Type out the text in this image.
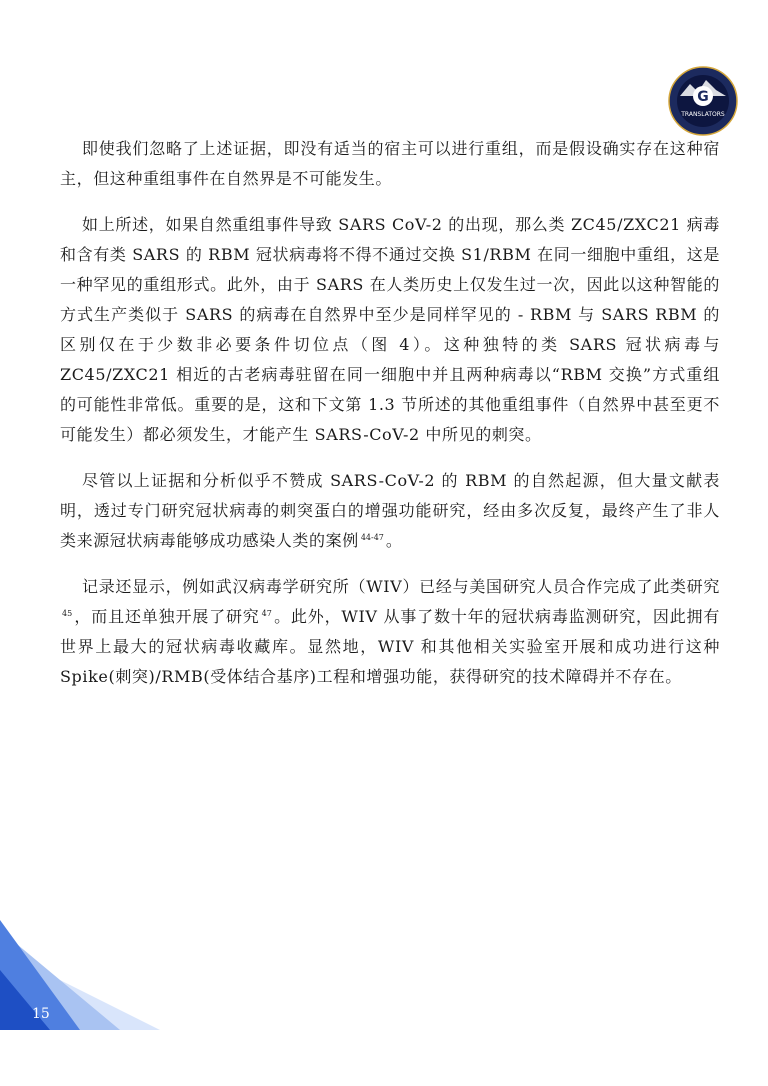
G
TRANSLATORS

即使我们忽略了上述证据，即没有适当的宿主可以进行重组，而是假设确实存在这种宿主，但这种重组事件在自然界是不可能发生。

如上所述，如果自然重组事件导致 SARS CoV-2 的出现，那么类 ZC45/ZXC21 病毒和含有类 SARS 的 RBM 冠状病毒将不得不通过交换 S1/RBM 在同一细胞中重组，这是一种罕见的重组形式。此外，由于 SARS 在人类历史上仅发生过一次，因此以这种智能的方式生产类似于 SARS 的病毒在自然界中至少是同样罕见的 - RBM 与 SARS RBM 的区别仅在于少数非必要条件切位点（图 4）。这种独特的类 SARS 冠状病毒与 ZC45/ZXC21 相近的古老病毒驻留在同一细胞中并且两种病毒以“RBM 交换”方式重组的可能性非常低。重要的是，这和下文第 1.3 节所述的其他重组事件（自然界中甚至更不可能发生）都必须发生，才能产生 SARS-CoV-2 中所见的刺突。

尽管以上证据和分析似乎不赞成 SARS-CoV-2 的 RBM 的自然起源，但大量文献表明，透过专门研究冠状病毒的刺突蛋白的增强功能研究，经由多次反复，最终产生了非人类来源冠状病毒能够成功感染人类的案例 $^{44-47}$ 。

记录还显示，例如武汉病毒学研究所（WIV）已经与美国研究人员合作完成了此类研究$^{45}$ ，而且还单独开展了研究 $^{47}$ 。此外，WIV 从事了数十年的冠状病毒监测研究，因此拥有世界上最大的冠状病毒收藏库。显然地，WIV 和其他相关实验室开展和成功进行这种 Spike(刺突)/RMB(受体结合基序)工程和增强功能，获得研究的技术障碍并不存在。

15
